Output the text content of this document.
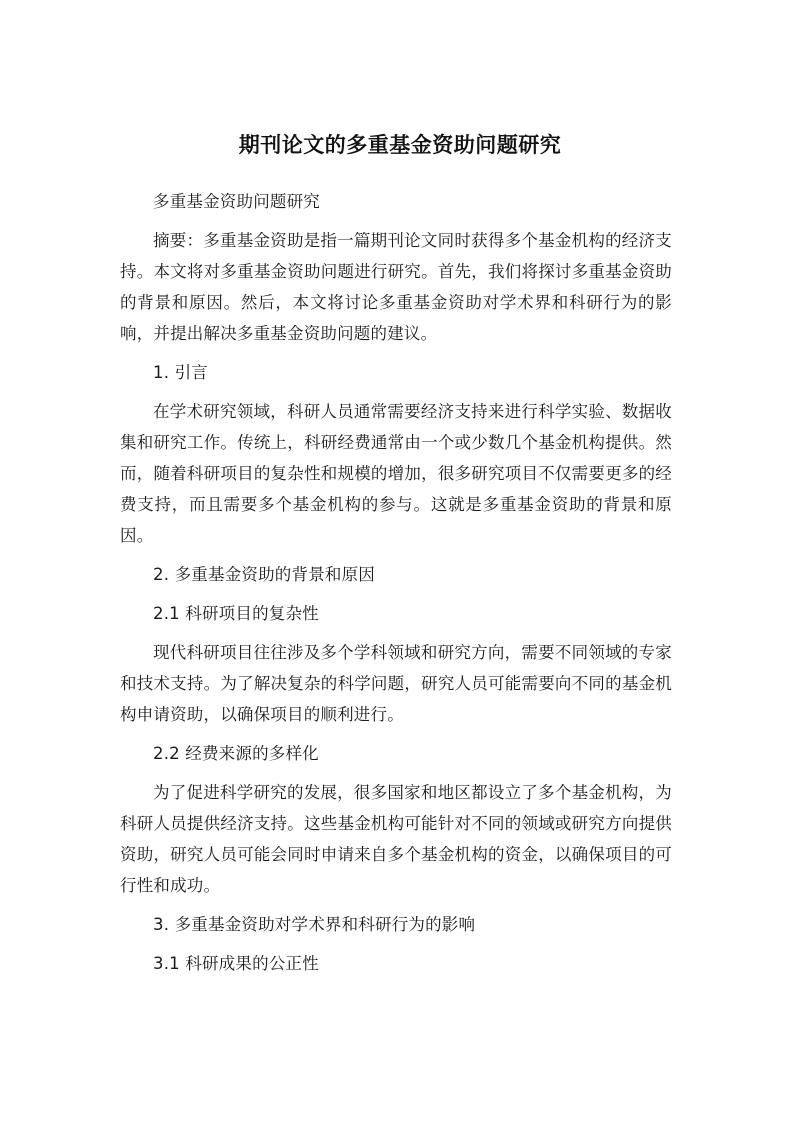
期刊论文的多重基金资助问题研究
多重基金资助问题研究

摘要：多重基金资助是指一篇期刊论文同时获得多个基金机构的经济支持。本文将对多重基金资助问题进行研究。首先，我们将探讨多重基金资助的背景和原因。然后，本文将讨论多重基金资助对学术界和科研行为的影响，并提出解决多重基金资助问题的建议。

1. 引言

在学术研究领域，科研人员通常需要经济支持来进行科学实验、数据收集和研究工作。传统上，科研经费通常由一个或少数几个基金机构提供。然而，随着科研项目的复杂性和规模的增加，很多研究项目不仅需要更多的经费支持，而且需要多个基金机构的参与。这就是多重基金资助的背景和原因。

2. 多重基金资助的背景和原因
2.1 科研项目的复杂性

现代科研项目往往涉及多个学科领域和研究方向，需要不同领域的专家和技术支持。为了解决复杂的科学问题，研究人员可能需要向不同的基金机构申请资助，以确保项目的顺利进行。

2.2 经费来源的多样化

为了促进科学研究的发展，很多国家和地区都设立了多个基金机构，为科研人员提供经济支持。这些基金机构可能针对不同的领域或研究方向提供资助，研究人员可能会同时申请来自多个基金机构的资金，以确保项目的可行性和成功。

3. 多重基金资助对学术界和科研行为的影响
3.1 科研成果的公正性
